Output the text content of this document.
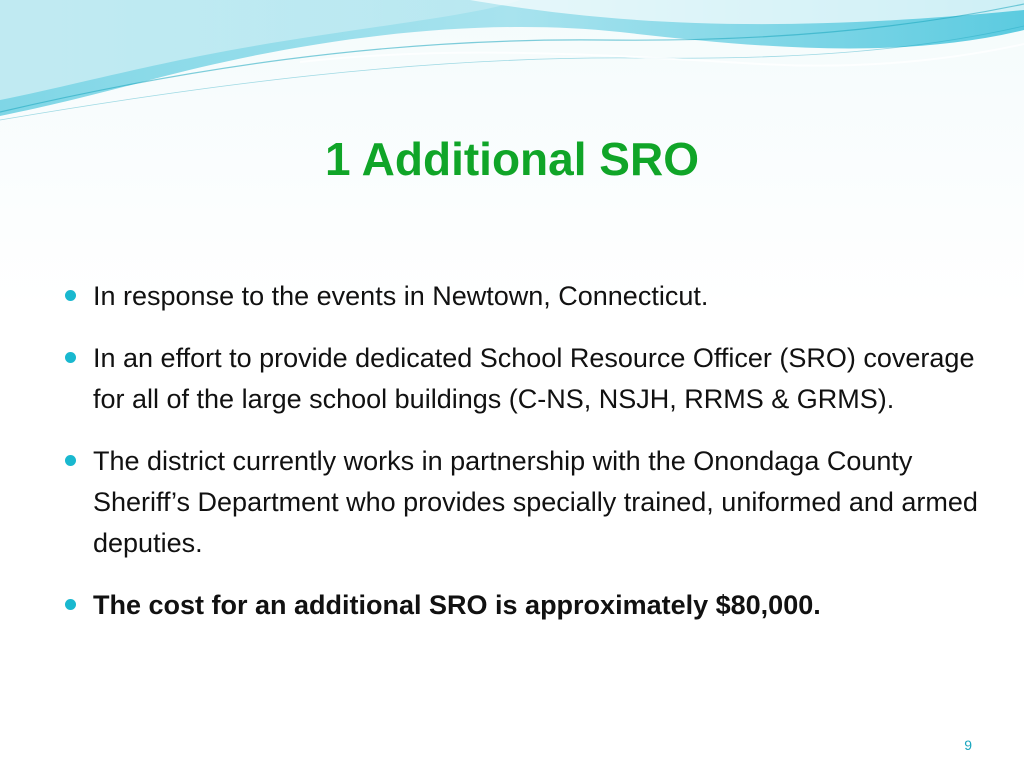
1 Additional SRO
In response to the events in Newtown, Connecticut.
In an effort to provide dedicated School Resource Officer (SRO) coverage for all of the large school buildings (C-NS, NSJH, RRMS & GRMS).
The district currently works in partnership with the Onondaga County Sheriff’s Department who provides specially trained, uniformed and armed deputies.
The cost for an additional SRO is approximately $80,000.
9
